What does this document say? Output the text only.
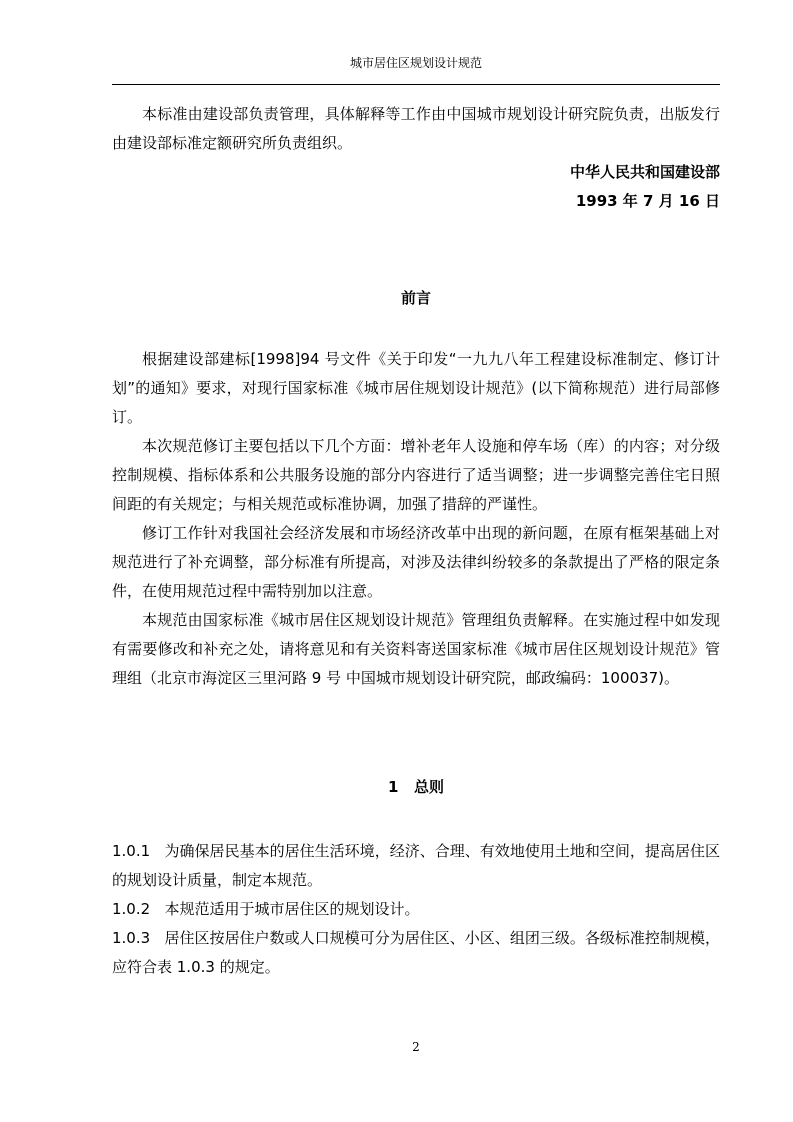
城市居住区规划设计规范

本标准由建设部负责管理，具体解释等工作由中国城市规划设计研究院负责，出版发行由建设部标准定额研究所负责组织。

中华人民共和国建设部

1993 年 7 月 16 日

前言

根据建设部建标[1998]94 号文件《关于印发“一九九八年工程建设标准制定、修订计划”的通知》要求，对现行国家标准《城市居住规划设计规范》(以下简称规范）进行局部修订。

本次规范修订主要包括以下几个方面：增补老年人设施和停车场（库）的内容；对分级控制规模、指标体系和公共服务设施的部分内容进行了适当调整；进一步调整完善住宅日照间距的有关规定；与相关规范或标准协调，加强了措辞的严谨性。

修订工作针对我国社会经济发展和市场经济改革中出现的新问题，在原有框架基础上对规范进行了补充调整，部分标准有所提高，对涉及法律纠纷较多的条款提出了严格的限定条件，在使用规范过程中需特别加以注意。

本规范由国家标准《城市居住区规划设计规范》管理组负责解释。在实施过程中如发现有需要修改和补充之处，请将意见和有关资料寄送国家标准《城市居住区规划设计规范》管理组（北京市海淀区三里河路 9 号 中国城市规划设计研究院，邮政编码：100037)。

1   总则

1.0.1   为确保居民基本的居住生活环境，经济、合理、有效地使用土地和空间，提高居住区的规划设计质量，制定本规范。

1.0.2   本规范适用于城市居住区的规划设计。

1.0.3   居住区按居住户数或人口规模可分为居住区、小区、组团三级。各级标准控制规模，应符合表 1.0.3 的规定。

2
